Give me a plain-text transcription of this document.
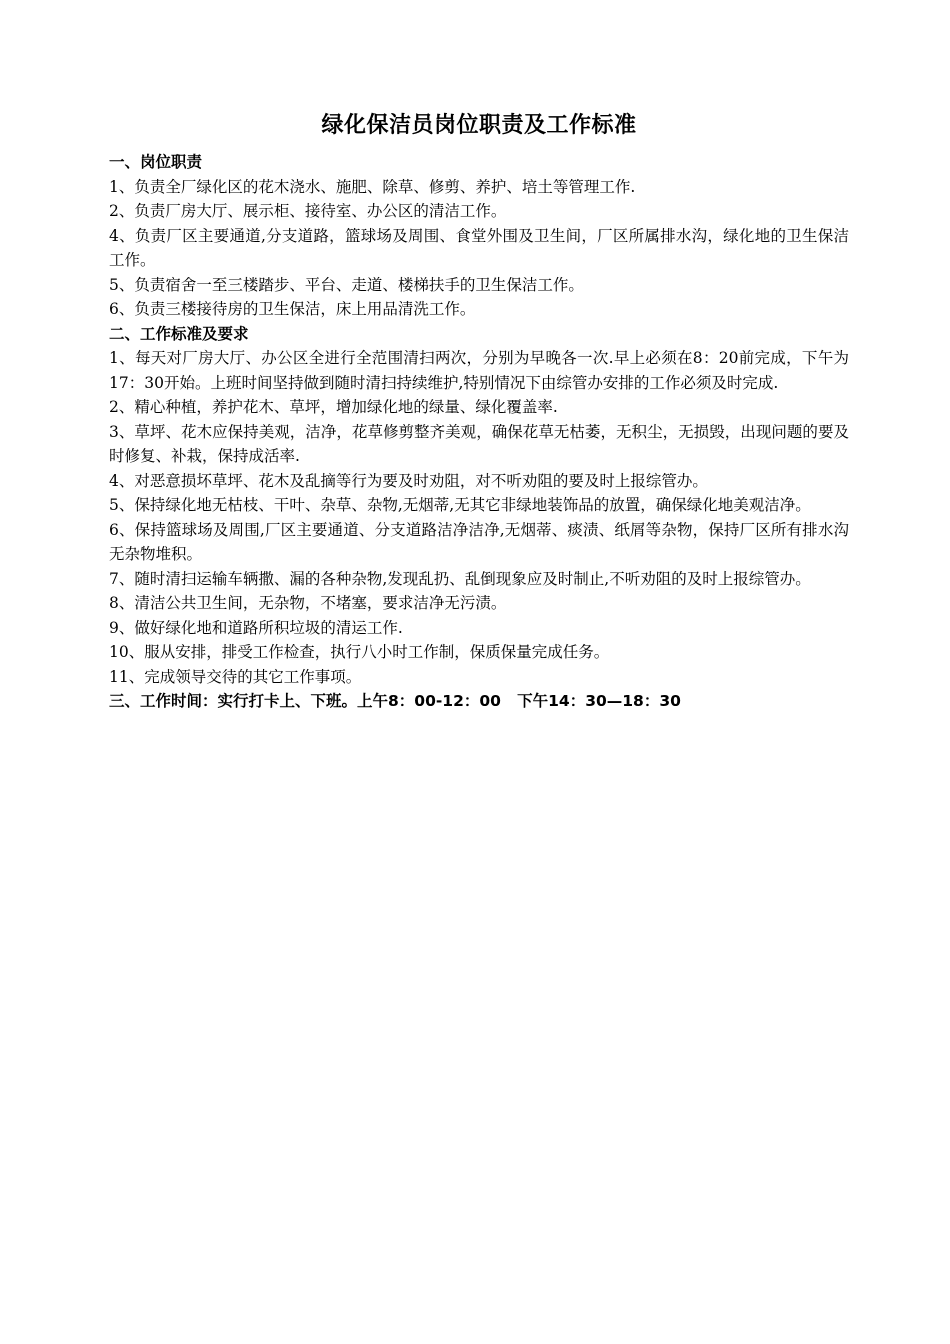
绿化保洁员岗位职责及工作标准
一、岗位职责

1、负责全厂绿化区的花木浇水、施肥、除草、修剪、养护、培土等管理工作.

2、负责厂房大厅、展示柜、接待室、办公区的清洁工作。

4、负责厂区主要通道,分支道路，篮球场及周围、食堂外围及卫生间，厂区所属排水沟，绿化地的卫生保洁工作。

5、负责宿舍一至三楼踏步、平台、走道、楼梯扶手的卫生保洁工作。

6、负责三楼接待房的卫生保洁，床上用品清洗工作。

二、工作标准及要求

1、每天对厂房大厅、办公区全进行全范围清扫两次，分别为早晚各一次.早上必须在8：20前完成，下午为17：30开始。上班时间坚持做到随时清扫持续维护,特别情况下由综管办安排的工作必须及时完成.

2、精心种植，养护花木、草坪，增加绿化地的绿量、绿化覆盖率.

3、草坪、花木应保持美观，洁净，花草修剪整齐美观，确保花草无枯萎，无积尘，无损毁，出现问题的要及时修复、补栽，保持成活率.

4、对恶意损坏草坪、花木及乱摘等行为要及时劝阻，对不听劝阻的要及时上报综管办。

5、保持绿化地无枯枝、干叶、杂草、杂物,无烟蒂,无其它非绿地装饰品的放置，确保绿化地美观洁净。

6、保持篮球场及周围,厂区主要通道、分支道路洁净洁净,无烟蒂、痰渍、纸屑等杂物，保持厂区所有排水沟无杂物堆积。

7、随时清扫运输车辆撒、漏的各种杂物,发现乱扔、乱倒现象应及时制止,不听劝阻的及时上报综管办。

8、清洁公共卫生间，无杂物，不堵塞，要求洁净无污渍。

9、做好绿化地和道路所积垃圾的清运工作.

10、服从安排，排受工作检查，执行八小时工作制，保质保量完成任务。

11、完成领导交待的其它工作事项。

三、工作时间：实行打卡上、下班。上午8：00-12：00   下午14：30—18：30
